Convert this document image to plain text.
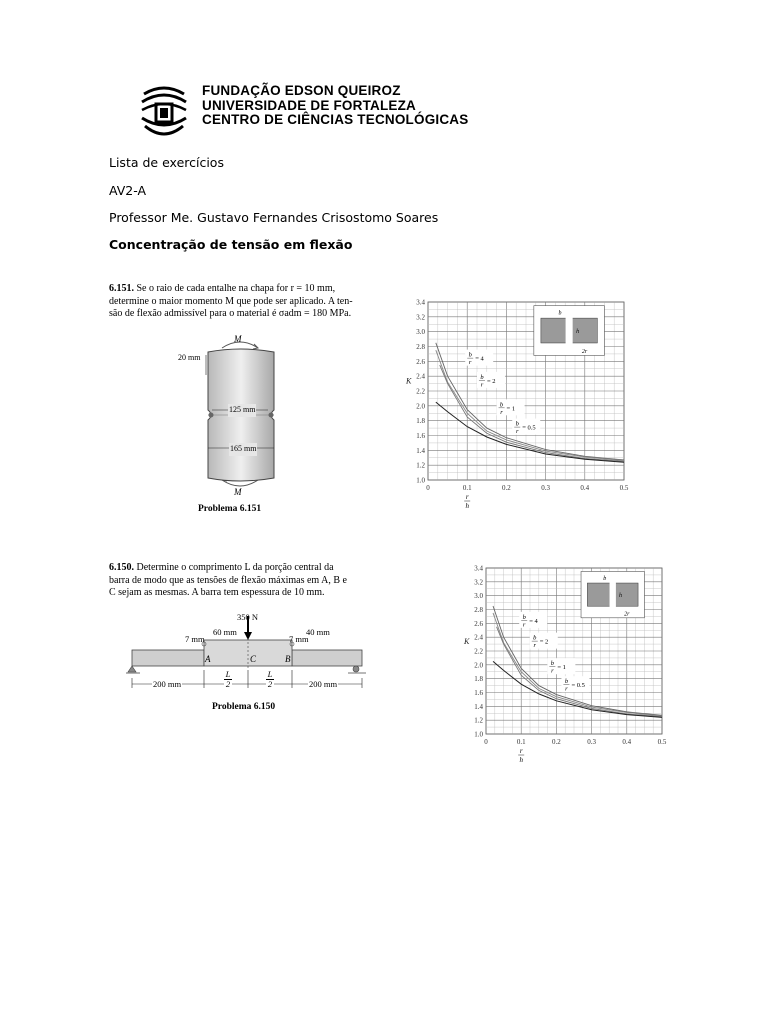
FUNDAÇÃO EDSON QUEIROZ
UNIVERSIDADE DE FORTALEZA
CENTRO DE CIÊNCIAS TECNOLÓGICAS
Lista de exercícios
AV2-A
Professor Me. Gustavo Fernandes Crisostomo Soares
Concentração de tensão em flexão
6.151. Se o raio de cada entalhe na chapa for r = 10 mm,
determine o maior momento M que pode ser aplicado. A ten-
são de flexão admissível para o material é σadm = 180 MPa.
M
M
20 mm
125 mm
165 mm
Problema 6.151
1.0
1.2
1.4
1.6
1.8
2.0
2.2
2.4
2.6
2.8
3.0
3.2
3.4
0	0.1	0.2	0.3	0.4	0.5
K
r
h
b
r = 4
b
r = 2
b
r = 1
b
r = 0.5
b
h
2r
6.150. Determine o comprimento L da porção central da
barra de modo que as tensões de flexão máximas em A, B e
C sejam as mesmas. A barra tem espessura de 10 mm.
350 N
60 mm	40 mm
7 mm	7 mm
A	C	B
200 mm	200 mm
L
2
L
2
Problema 6.150
1.0
1.2
1.4
1.6
1.8
2.0
2.2
2.4
2.6
2.8
3.0
3.2
3.4
0	0.1	0.2	0.3	0.4	0.5
K
r
h
b
r = 4
b
r = 2
b
r = 1
b
r = 0.5
b
h
2r
